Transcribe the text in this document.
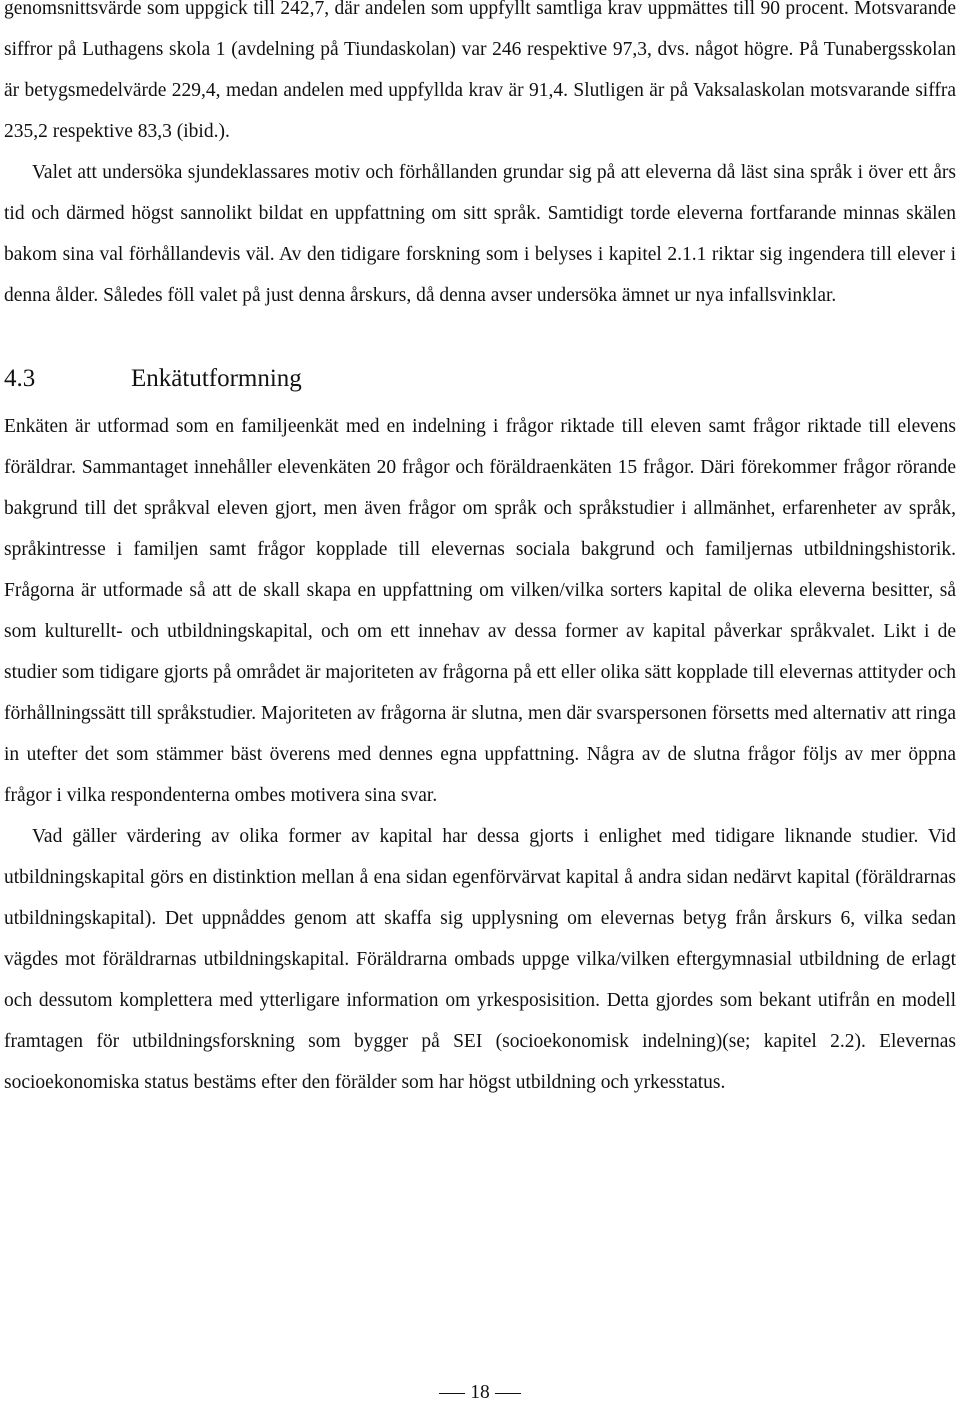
genomsnittsvärde som uppgick till 242,7, där andelen som uppfyllt samtliga krav uppmättes till 90 procent. Motsvarande siffror på Luthagens skola 1 (avdelning på Tiundaskolan) var 246 respektive 97,3, dvs. något högre. På Tunabergsskolan är betygsmedelvärde 229,4, medan andelen med uppfyllda krav är 91,4. Slutligen är på Vaksalaskolan motsvarande siffra 235,2 respektive 83,3 (ibid.).

Valet att undersöka sjundeklassares motiv och förhållanden grundar sig på att eleverna då läst sina språk i över ett års tid och därmed högst sannolikt bildat en uppfattning om sitt språk. Samtidigt torde eleverna fortfarande minnas skälen bakom sina val förhållandevis väl. Av den tidigare forskning som i belyses i kapitel 2.1.1 riktar sig ingendera till elever i denna ålder. Således föll valet på just denna årskurs, då denna avser undersöka ämnet ur nya infallsvinklar.

4.3	Enkätutformning

Enkäten är utformad som en familjeenkät med en indelning i frågor riktade till eleven samt frågor riktade till elevens föräldrar. Sammantaget innehåller elevenkäten 20 frågor och föräldraenkäten 15 frågor. Däri förekommer frågor rörande bakgrund till det språkval eleven gjort, men även frågor om språk och språkstudier i allmänhet, erfarenheter av språk, språkintresse i familjen samt frågor kopplade till elevernas sociala bakgrund och familjernas utbildningshistorik. Frågorna är utformade så att de skall skapa en uppfattning om vilken/vilka sorters kapital de olika eleverna besitter, så som kulturellt- och utbildningskapital, och om ett innehav av dessa former av kapital påverkar språkvalet. Likt i de studier som tidigare gjorts på området är majoriteten av frågorna på ett eller olika sätt kopplade till elevernas attityder och förhållningssätt till språkstudier. Majoriteten av frågorna är slutna, men där svarspersonen försetts med alternativ att ringa in utefter det som stämmer bäst överens med dennes egna uppfattning. Några av de slutna frågor följs av mer öppna frågor i vilka respondenterna ombes motivera sina svar.

Vad gäller värdering av olika former av kapital har dessa gjorts i enlighet med tidigare liknande studier. Vid utbildningskapital görs en distinktion mellan å ena sidan egenförvärvat kapital å andra sidan nedärvt kapital (föräldrarnas utbildningskapital). Det uppnåddes genom att skaffa sig upplysning om elevernas betyg från årskurs 6, vilka sedan vägdes mot föräldrarnas utbildningskapital. Föräldrarna ombads uppge vilka/vilken eftergymnasial utbildning de erlagt och dessutom komplettera med ytterligare information om yrkesposisition. Detta gjordes som bekant utifrån en modell framtagen för utbildningsforskning som bygger på SEI (socioekonomisk indelning)(se; kapitel 2.2). Elevernas socioekonomiska status bestäms efter den förälder som har högst utbildning och yrkesstatus.

18
